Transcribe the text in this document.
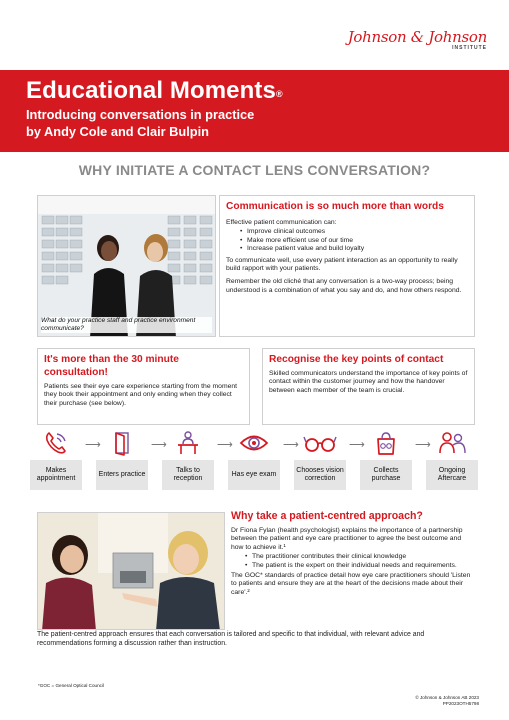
Johnson & Johnson
INSTITUTE
Educational Moments®
Introducing conversations in practice
by Andy Cole and Clair Bulpin
WHY INITIATE A CONTACT LENS CONVERSATION?
What do your practice staff and practice environment communicate?
Communication is so much more than words

Effective patient communication can:

• Improve clinical outcomes
• Make more efficient use of our time
• Increase patient value and build loyalty

To communicate well, use every patient interaction as an opportunity to really build rapport with your patients.

Remember the old cliché that any conversation is a two-way process; being understood is a combination of what you say and do, and how others respond.

It's more than the 30 minute consultation!
Patients see their eye care experience starting from the moment they book their appointment and only ending when they collect their purchase (see below).
Recognise the key points of contact
Skilled communicators understand the importance of key points of contact within the customer journey and how the handover between each member of the team is crucial.
Makes appointment
⟶
Enters practice
⟶
Talks to reception
⟶
Has eye exam
⟶
Chooses vision correction
⟶
Collects purchase
⟶
Ongoing Aftercare
Why take a patient-centred approach?

Dr Fiona Fylan (health psychologist) explains the importance of a partnership between the patient and eye care practitioner to agree the best outcome and how to achieve it.¹

• The practitioner contributes their clinical knowledge
• The patient is the expert on their individual needs and requirements.

The GOC* standards of practice detail how eye care practitioners should 'Listen to patients and ensure they are at the heart of the decisions made about their care'.²

The patient-centred approach ensures that each conversation is tailored and specific to that individual, with relevant advice and recommendations forming a discussion rather than instruction.
*GOC = General Optical Council
© Johnson & Johnson AB 2023
PP2023OTH5798
